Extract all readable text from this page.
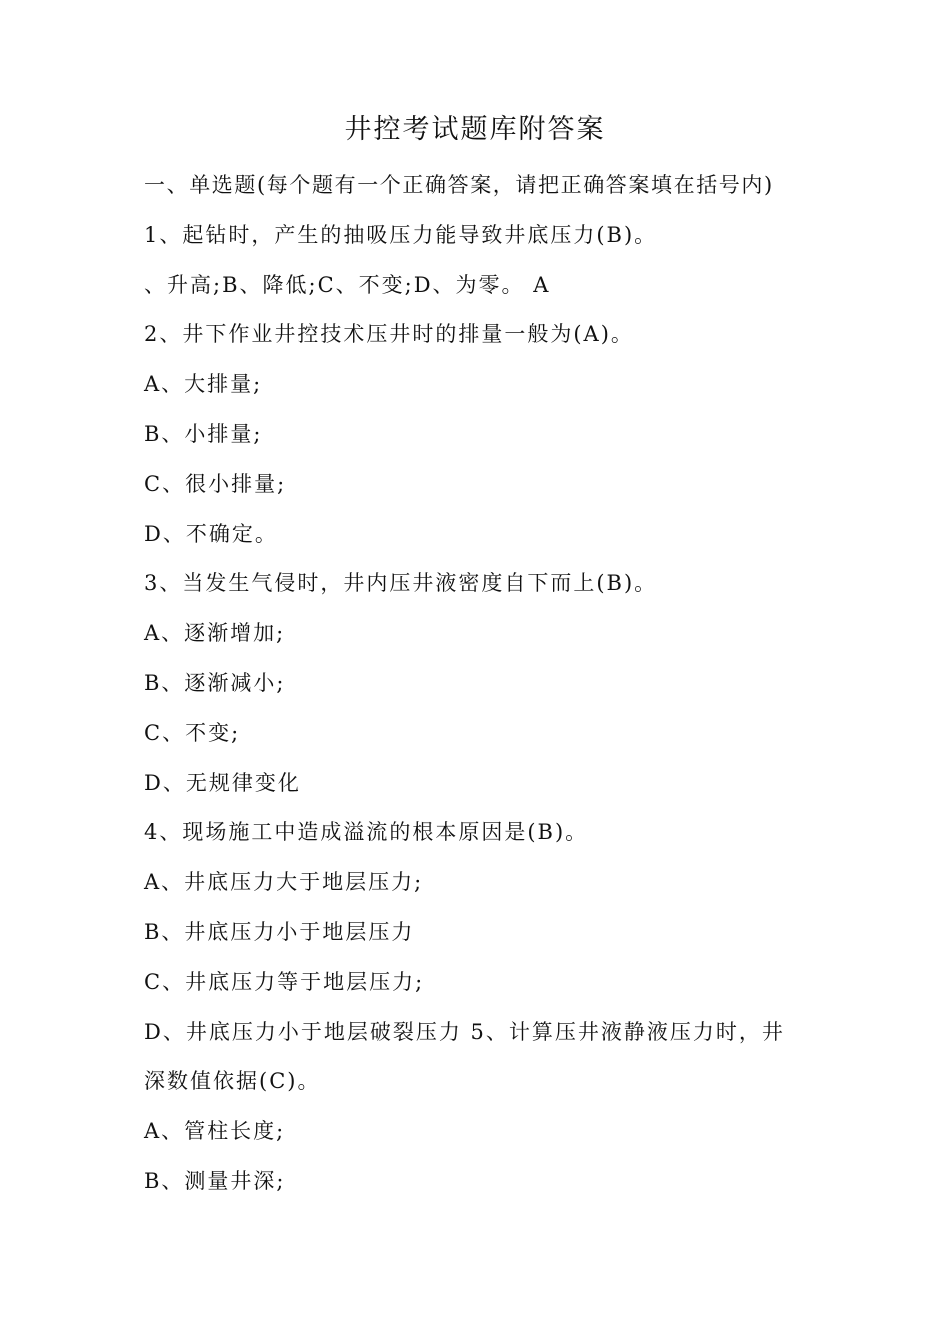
井控考试题库附答案
一、单选题(每个题有一个正确答案，请把正确答案填在括号内)
1、起钻时，产生的抽吸压力能导致井底压力(B)。
、升高;B、降低;C、不变;D、为零。 A
2、井下作业井控技术压井时的排量一般为(A)。
A、大排量;
B、小排量;
C、很小排量;
D、不确定。
3、当发生气侵时，井内压井液密度自下而上(B)。
A、逐渐增加;
B、逐渐减小;
C、不变;
D、无规律变化
4、现场施工中造成溢流的根本原因是(B)。
A、井底压力大于地层压力;
B、井底压力小于地层压力
C、井底压力等于地层压力;
D、井底压力小于地层破裂压力 5、计算压井液静液压力时，井
深数值依据(C)。
A、管柱长度;
B、测量井深;
